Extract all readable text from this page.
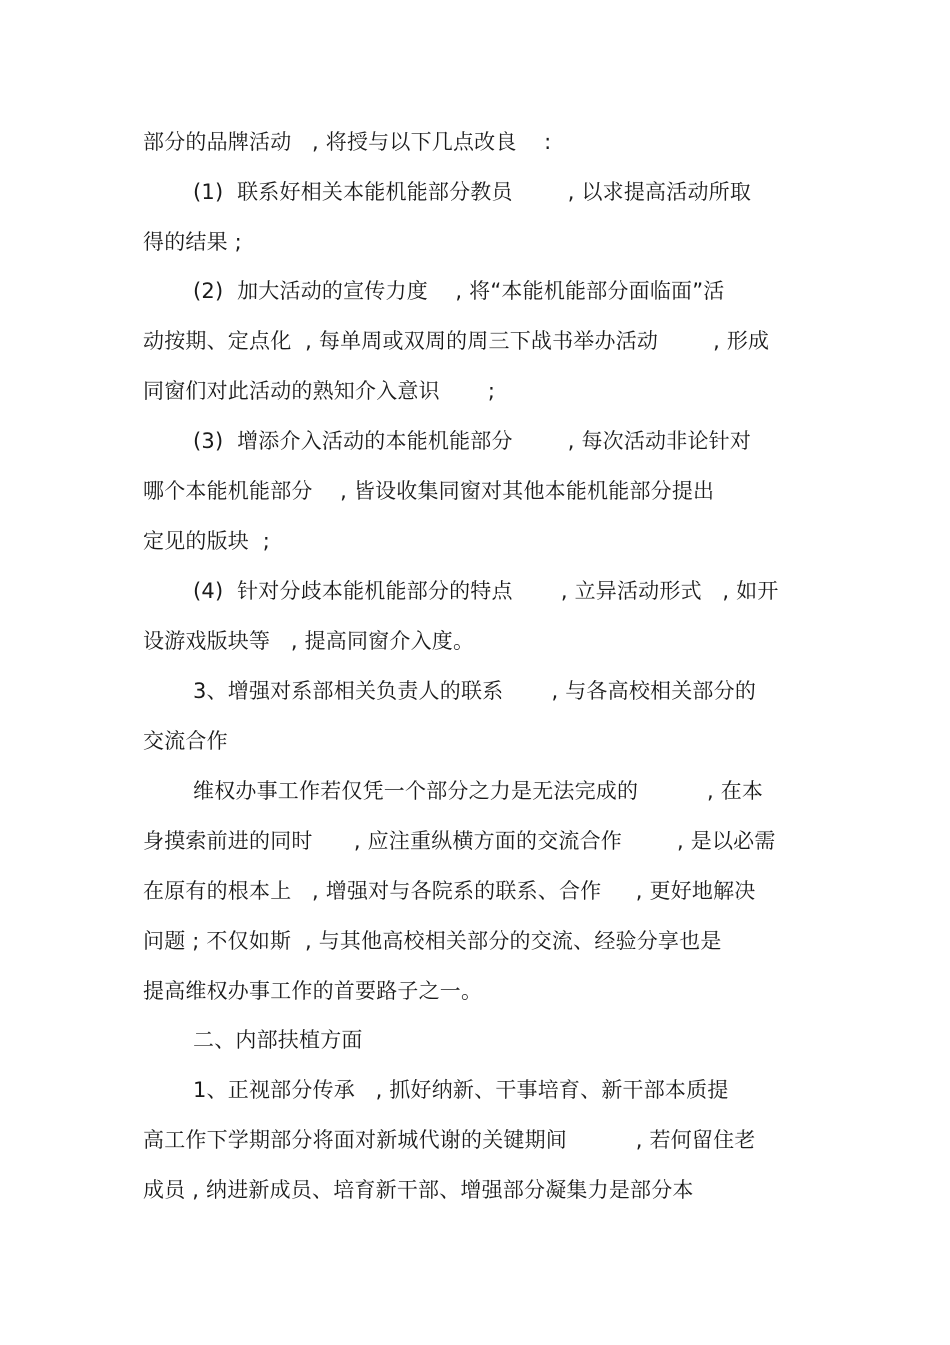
部分的品牌活动   , 将授与以下几点改良    :
(1)  联系好相关本能机能部分教员        , 以求提高活动所取
得的结果 ;
(2)  加大活动的宣传力度    , 将“本能机能部分面临面”活
动按期、定点化  , 每单周或双周的周三下战书举办活动        , 形成
同窗们对此活动的熟知介入意识       ;
(3)  增添介入活动的本能机能部分        , 每次活动非论针对
哪个本能机能部分    , 皆设收集同窗对其他本能机能部分提出
定见的版块  ;
(4)  针对分歧本能机能部分的特点       , 立异活动形式   , 如开
设游戏版块等   , 提高同窗介入度。
3、增强对系部相关负责人的联系       , 与各高校相关部分的
交流合作
维权办事工作若仅凭一个部分之力是无法完成的          , 在本
身摸索前进的同时      , 应注重纵横方面的交流合作        , 是以必需
在原有的根本上   , 增强对与各院系的联系、合作     , 更好地解决
问题 ; 不仅如斯  , 与其他高校相关部分的交流、经验分享也是
提高维权办事工作的首要路子之一。
二、内部扶植方面
1、正视部分传承   , 抓好纳新、干事培育、新干部本质提
高工作下学期部分将面对新城代谢的关键期间          , 若何留住老
成员 , 纳进新成员、培育新干部、增强部分凝集力是部分本
